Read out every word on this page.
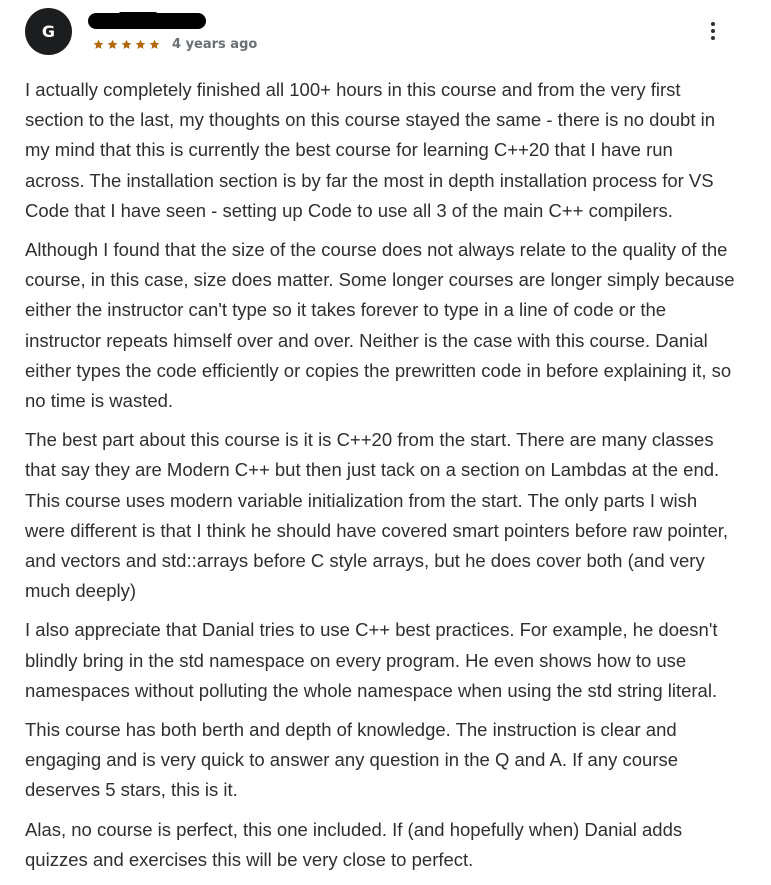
G
4 years ago

I actually completely finished all 100+ hours in this course and from the very first section to the last, my thoughts on this course stayed the same - there is no doubt in my mind that this is currently the best course for learning C++20 that I have run across. The installation section is by far the most in depth installation process for VS Code that I have seen - setting up Code to use all 3 of the main C++ compilers.

Although I found that the size of the course does not always relate to the quality of the course, in this case, size does matter. Some longer courses are longer simply because either the instructor can't type so it takes forever to type in a line of code or the instructor repeats himself over and over. Neither is the case with this course. Danial either types the code efficiently or copies the prewritten code in before explaining it, so no time is wasted.

The best part about this course is it is C++20 from the start. There are many classes that say they are Modern C++ but then just tack on a section on Lambdas at the end. This course uses modern variable initialization from the start. The only parts I wish were different is that I think he should have covered smart pointers before raw pointer, and vectors and std::arrays before C style arrays, but he does cover both (and very much deeply)

I also appreciate that Danial tries to use C++ best practices. For example, he doesn't blindly bring in the std namespace on every program. He even shows how to use namespaces without polluting the whole namespace when using the std string literal.

This course has both berth and depth of knowledge. The instruction is clear and engaging and is very quick to answer any question in the Q and A. If any course deserves 5 stars, this is it.

Alas, no course is perfect, this one included. If (and hopefully when) Danial adds quizzes and exercises this will be very close to perfect.
